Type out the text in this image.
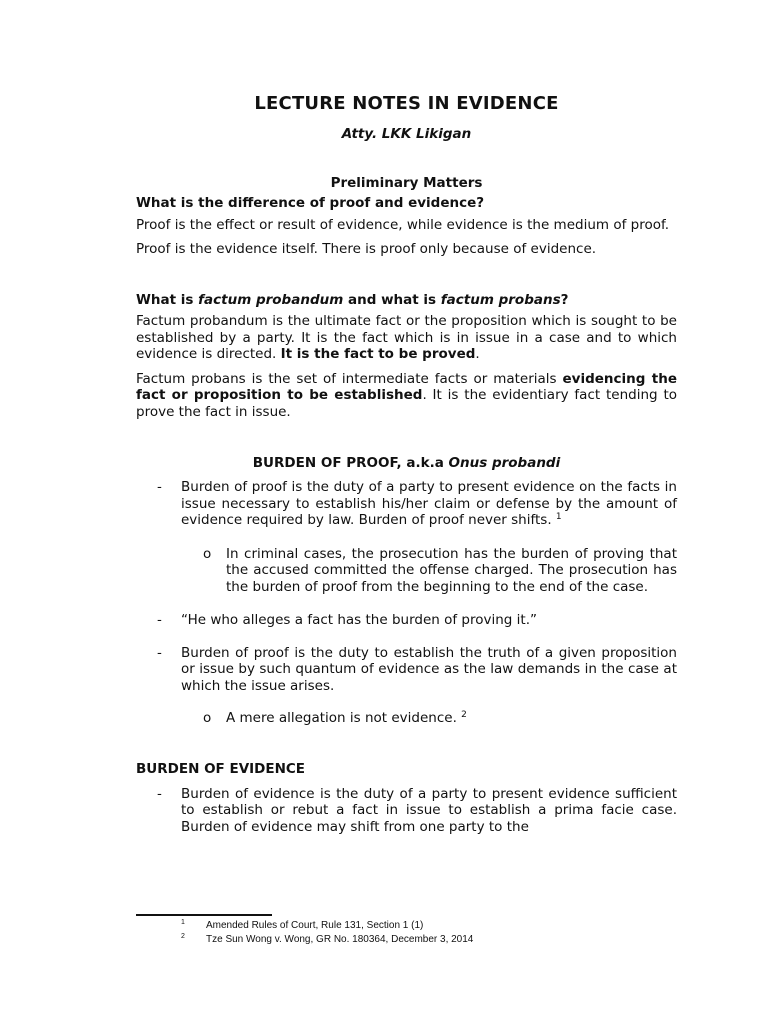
LECTURE NOTES IN EVIDENCE
Atty. LKK Likigan
Preliminary Matters
What is the difference of proof and evidence?

Proof is the effect or result of evidence, while evidence is the medium of proof.

Proof is the evidence itself. There is proof only because of evidence.

What is factum probandum and what is factum probans?

Factum probandum is the ultimate fact or the proposition which is sought to be established by a party. It is the fact which is in issue in a case and to which evidence is directed. It is the fact to be proved.

Factum probans is the set of intermediate facts or materials evidencing the fact or proposition to be established. It is the evidentiary fact tending to prove the fact in issue.

BURDEN OF PROOF, a.k.a Onus probandi
- Burden of proof is the duty of a party to present evidence on the facts in issue necessary to establish his/her claim or defense by the amount of evidence required by law. Burden of proof never shifts. $^1$
o In criminal cases, the prosecution has the burden of proving that the accused committed the offense charged. The prosecution has the burden of proof from the beginning to the end of the case.
- “He who alleges a fact has the burden of proving it.”
- Burden of proof is the duty to establish the truth of a given proposition or issue by such quantum of evidence as the law demands in the case at which the issue arises.
o A mere allegation is not evidence. $^2$
BURDEN OF EVIDENCE
- Burden of evidence is the duty of a party to present evidence sufficient to establish or rebut a fact in issue to establish a prima facie case. Burden of evidence may shift from one party to the
1 Amended Rules of Court, Rule 131, Section 1 (1)
2 Tze Sun Wong v. Wong, GR No. 180364, December 3, 2014
